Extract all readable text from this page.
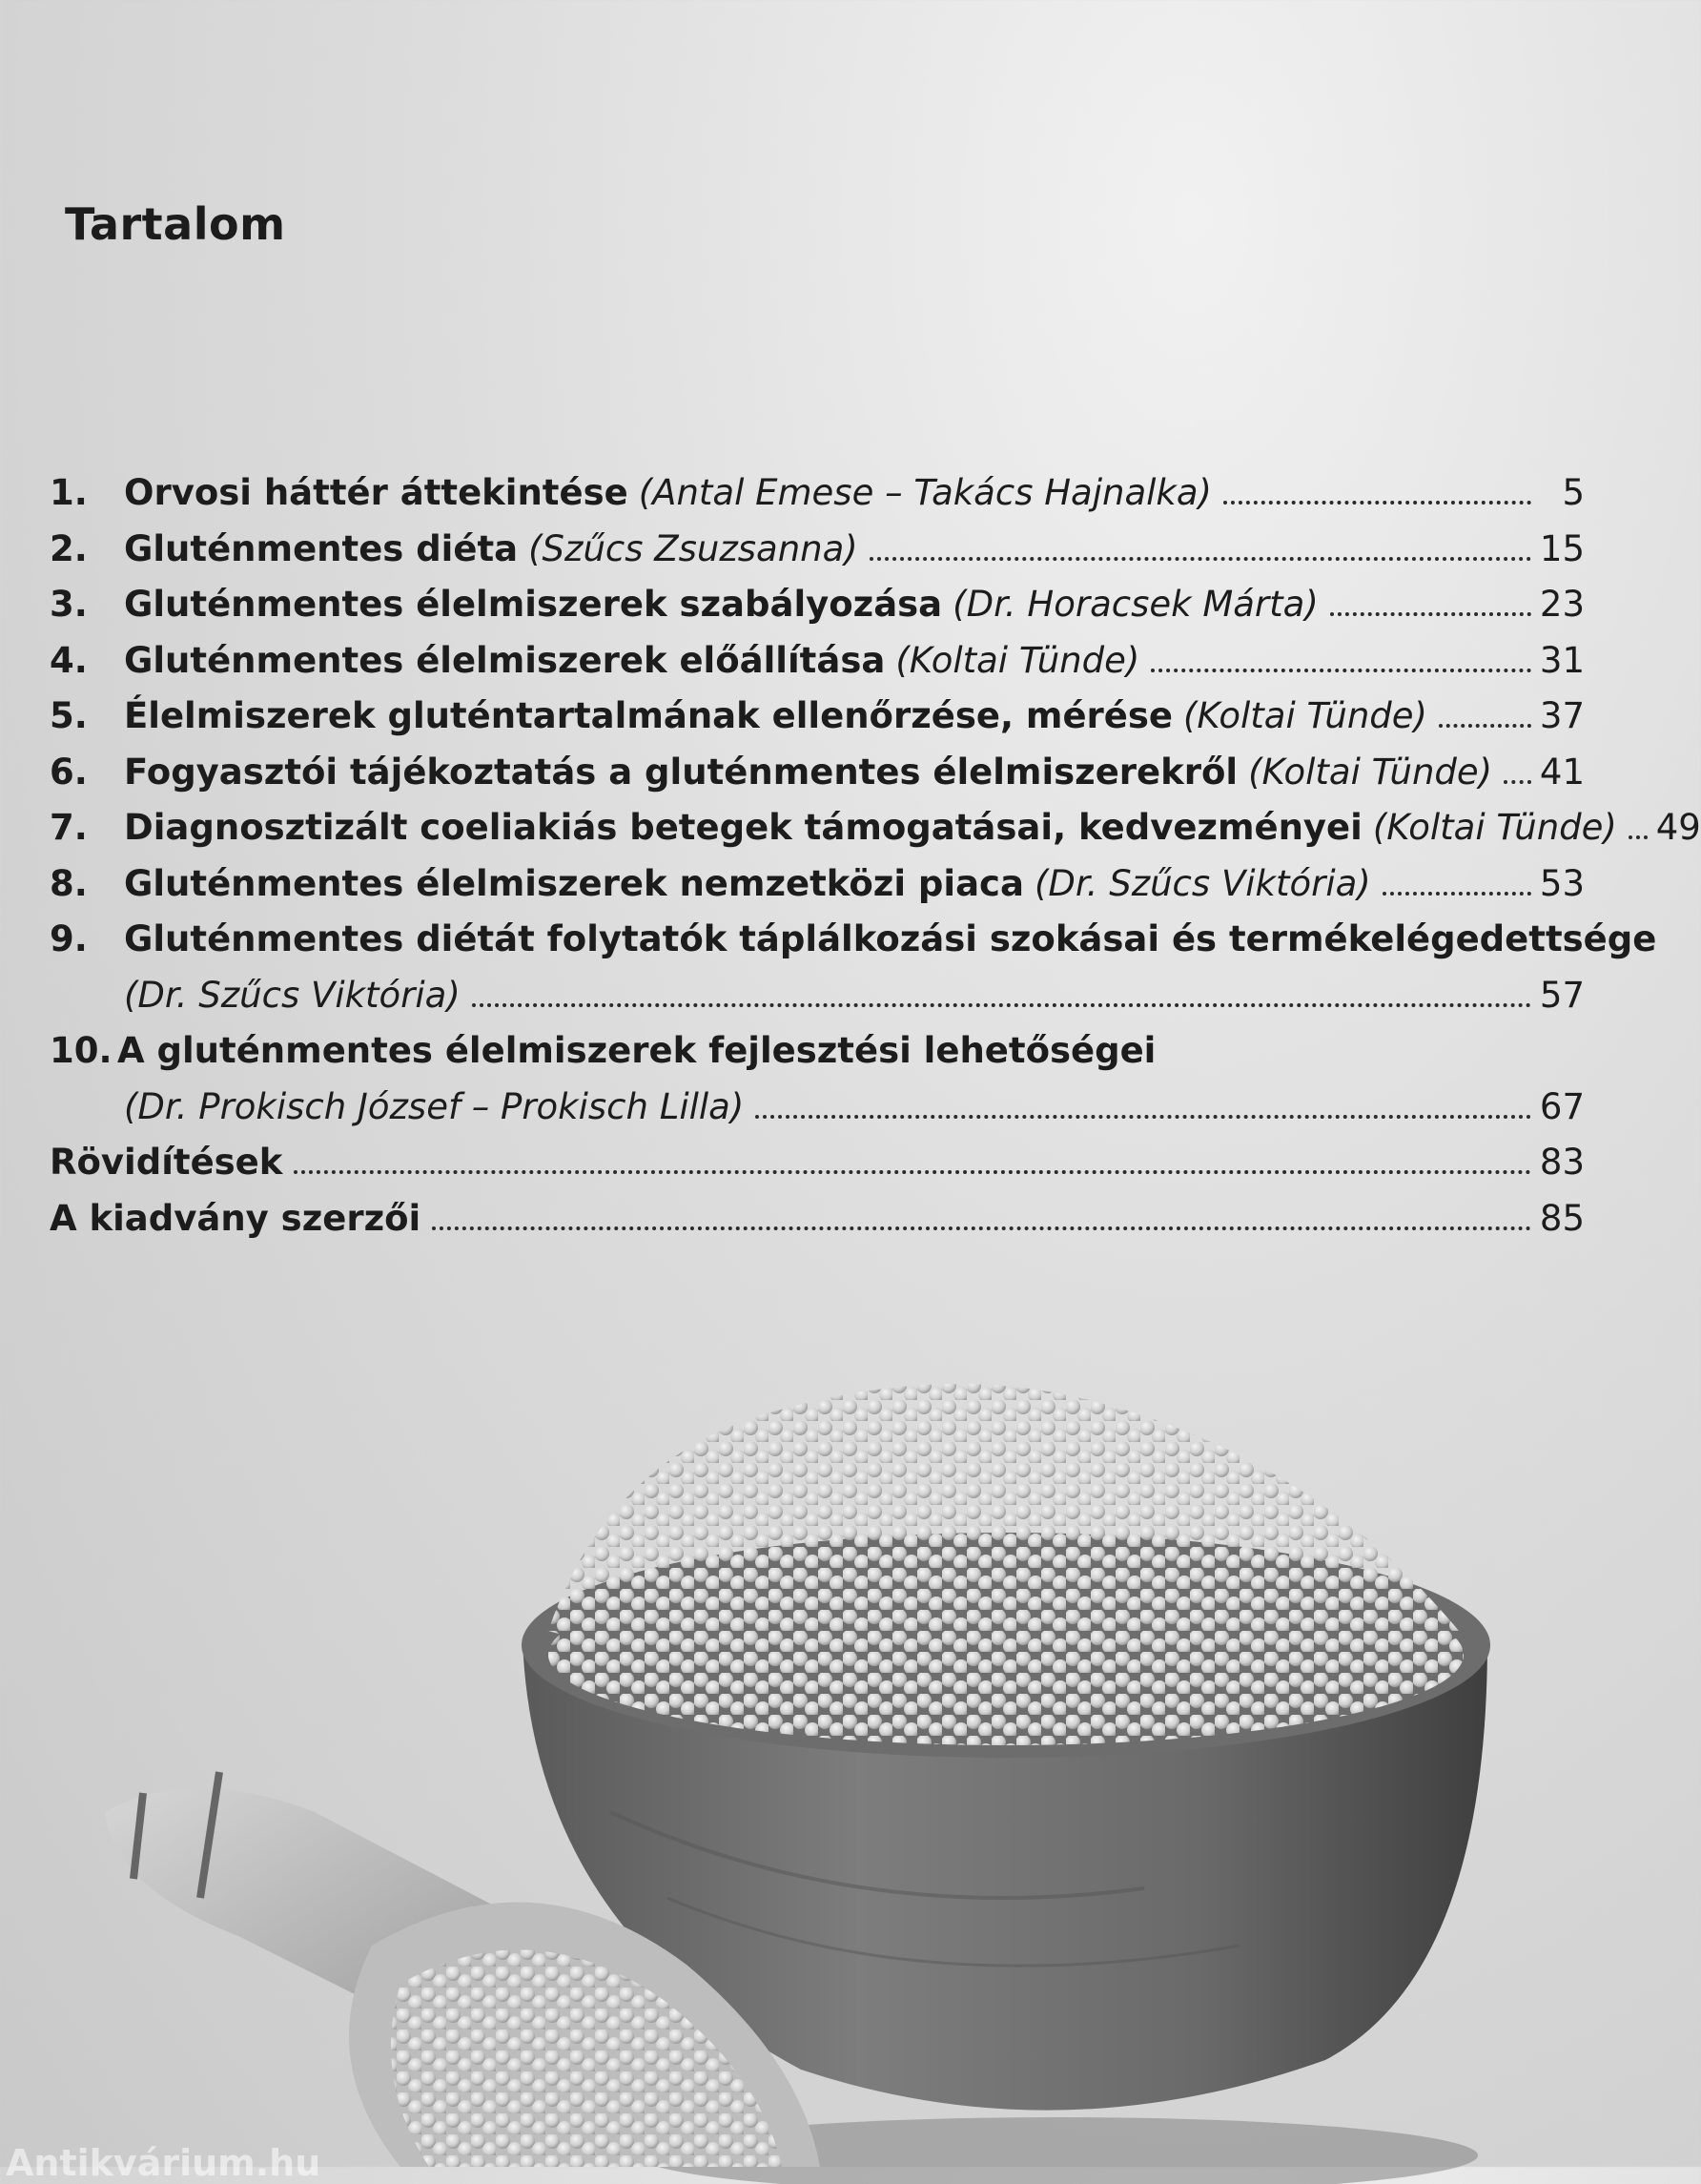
Tartalom
1.	Orvosi háttér áttekintése (Antal Emese – Takács Hajnalka)	5
2.	Gluténmentes diéta (Szűcs Zsuzsanna)	15
3.	Gluténmentes élelmiszerek szabályozása (Dr. Horacsek Márta)	23
4.	Gluténmentes élelmiszerek előállítása (Koltai Tünde)	31
5.	Élelmiszerek gluténtartalmának ellenőrzése, mérése (Koltai Tünde)	37
6.	Fogyasztói tájékoztatás a gluténmentes élelmiszerekről (Koltai Tünde) 41
7.	Diagnosztizált coeliakiás betegek támogatásai, kedvezményei (Koltai Tünde) 49
8.	Gluténmentes élelmiszerek nemzetközi piaca (Dr. Szűcs Viktória)	53
9.	Gluténmentes diétát folytatók táplálkozási szokásai és termékelégedettsége
(Dr. Szűcs Viktória)	57
10. A gluténmentes élelmiszerek fejlesztési lehetőségei
(Dr. Prokisch József – Prokisch Lilla)	67
Rövidítések	83
A kiadvány szerzői	85
Antikvárium.hu
